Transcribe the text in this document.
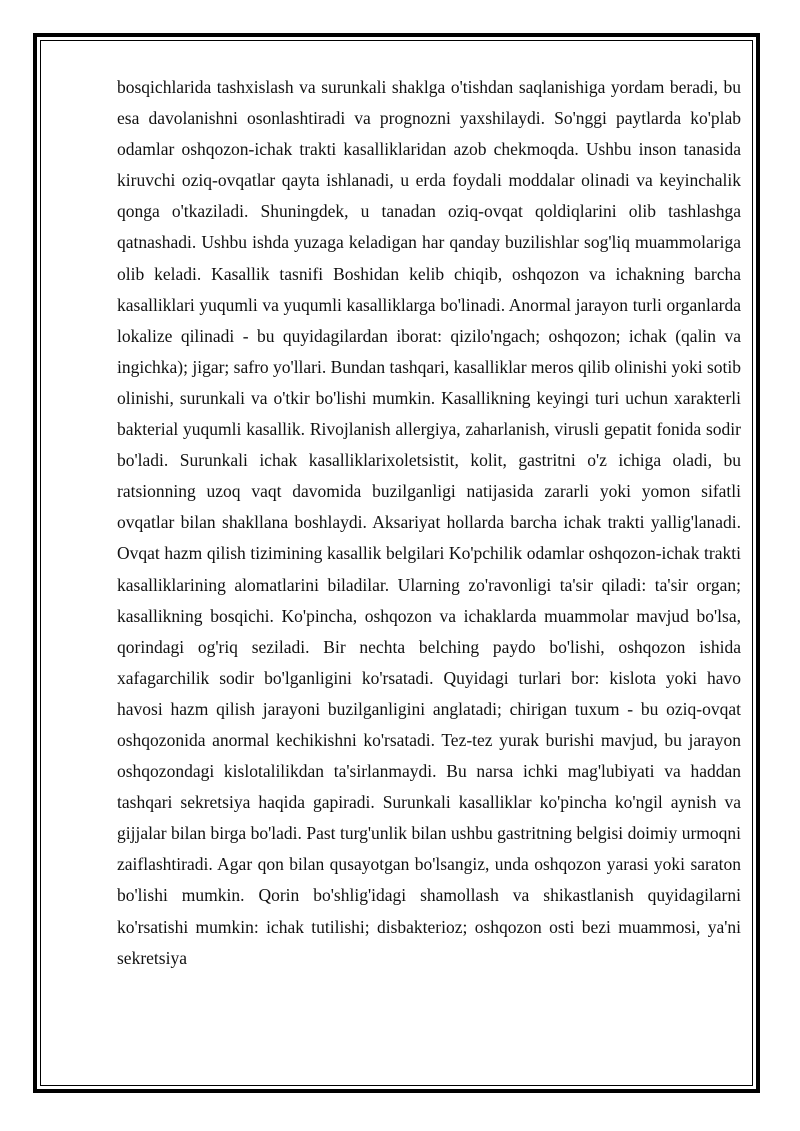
bosqichlarida tashxislash va surunkali shaklga o'tishdan saqlanishiga yordam beradi, bu esa davolanishni osonlashtiradi va prognozni yaxshilaydi. So'nggi paytlarda ko'plab odamlar oshqozon-ichak trakti kasalliklaridan azob chekmoqda. Ushbu inson tanasida kiruvchi oziq-ovqatlar qayta ishlanadi, u erda foydali moddalar olinadi va keyinchalik qonga o'tkaziladi. Shuningdek, u tanadan oziq-ovqat qoldiqlarini olib tashlashga qatnashadi. Ushbu ishda yuzaga keladigan har qanday buzilishlar sog'liq muammolariga olib keladi. Kasallik tasnifi Boshidan kelib chiqib, oshqozon va ichakning barcha kasalliklari yuqumli va yuqumli kasalliklarga bo'linadi. Anormal jarayon turli organlarda lokalize qilinadi - bu quyidagilardan iborat: qizilo'ngach; oshqozon; ichak (qalin va ingichka); jigar; safro yo'llari. Bundan tashqari, kasalliklar meros qilib olinishi yoki sotib olinishi, surunkali va o'tkir bo'lishi mumkin. Kasallikning keyingi turi uchun xarakterli bakterial yuqumli kasallik. Rivojlanish allergiya, zaharlanish, virusli gepatit fonida sodir bo'ladi. Surunkali ichak kasalliklarixoletsistit, kolit, gastritni o'z ichiga oladi, bu ratsionning uzoq vaqt davomida buzilganligi natijasida zararli yoki yomon sifatli ovqatlar bilan shakllana boshlaydi. Aksariyat hollarda barcha ichak trakti yallig'lanadi. Ovqat hazm qilish tizimining kasallik belgilari Ko'pchilik odamlar oshqozon-ichak trakti kasalliklarining alomatlarini biladilar. Ularning zo'ravonligi ta'sir qiladi: ta'sir organ; kasallikning bosqichi. Ko'pincha, oshqozon va ichaklarda muammolar mavjud bo'lsa, qorindagi og'riq seziladi. Bir nechta belching paydo bo'lishi, oshqozon ishida xafagarchilik sodir bo'lganligini ko'rsatadi. Quyidagi turlari bor: kislota yoki havo havosi hazm qilish jarayoni buzilganligini anglatadi; chirigan tuxum - bu oziq-ovqat oshqozonida anormal kechikishni ko'rsatadi. Tez-tez yurak burishi mavjud, bu jarayon oshqozondagi kislotalilikdan ta'sirlanmaydi. Bu narsa ichki mag'lubiyati va haddan tashqari sekretsiya haqida gapiradi. Surunkali kasalliklar ko'pincha ko'ngil aynish va gijjalar bilan birga bo'ladi. Past turg'unlik bilan ushbu gastritning belgisi doimiy urmoqni zaiflashtiradi. Agar qon bilan qusayotgan bo'lsangiz, unda oshqozon yarasi yoki saraton bo'lishi mumkin. Qorin bo'shlig'idagi shamollash va shikastlanish quyidagilarni ko'rsatishi mumkin: ichak tutilishi; disbakterioz; oshqozon osti bezi muammosi, ya'ni sekretsiya
